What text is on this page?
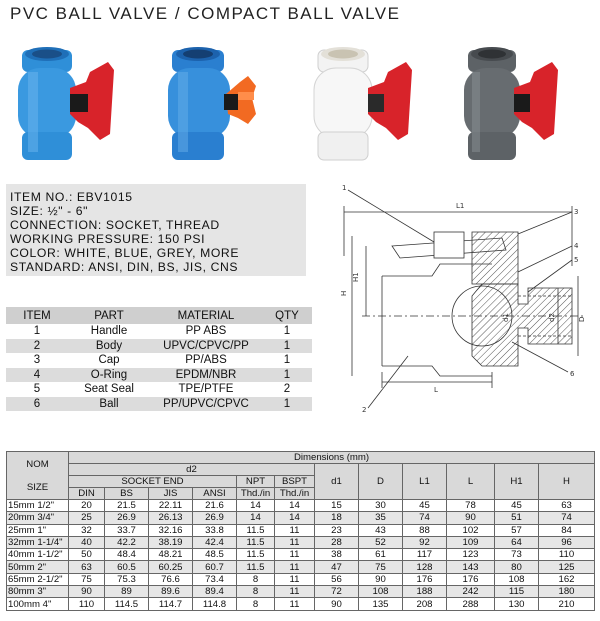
PVC BALL VALVE / COMPACT BALL VALVE
ITEM NO.: EBV1015
SIZE: ½" - 6"
CONNECTION: SOCKET, THREAD
WORKING PRESSURE: 150 PSI
COLOR: WHITE, BLUE, GREY, MORE
STANDARD: ANSI, DIN, BS, JIS, CNS
ITEM	PART	MATERIAL	QTY
1	Handle	PP ABS	1
2	Body	UPVC/CPVC/PP	1
3	Cap	PP/ABS	1
4	O-Ring	EPDM/NBR	1
5	Seat Seal	TPE/PTFE	2
6	Ball	PP/UPVC/CPVC	1
1
2
3
4
5
6
L1
L
H1
H
d1	d2	D
NOM
SIZE	Dimensions (mm)											
	d2						d1	D	L1	L	H1	H
	SOCKET END				NPT	BSPT						
	DIN	BS	JIS	ANSI	Thd./in	Thd./in						
15mm 1/2"	20	21.5	22.11	21.6	14	14	15	30	45	78	45	63
20mm 3/4"	25	26.9	26.13	26.9	14	14	18	35	74	90	51	74
25mm 1"	32	33.7	32.16	33.8	11.5	11	23	43	88	102	57	84
32mm 1-1/4"	40	42.2	38.19	42.4	11.5	11	28	52	92	109	64	96
40mm 1-1/2"	50	48.4	48.21	48.5	11.5	11	38	61	117	123	73	110
50mm 2"	63	60.5	60.25	60.7	11.5	11	47	75	128	143	80	125
65mm 2-1/2"	75	75.3	76.6	73.4	8	11	56	90	176	176	108	162
80mm 3"	90	89	89.6	89.4	8	11	72	108	188	242	115	180
100mm 4"	110	114.5	114.7	114.8	8	11	90	135	208	288	130	210
